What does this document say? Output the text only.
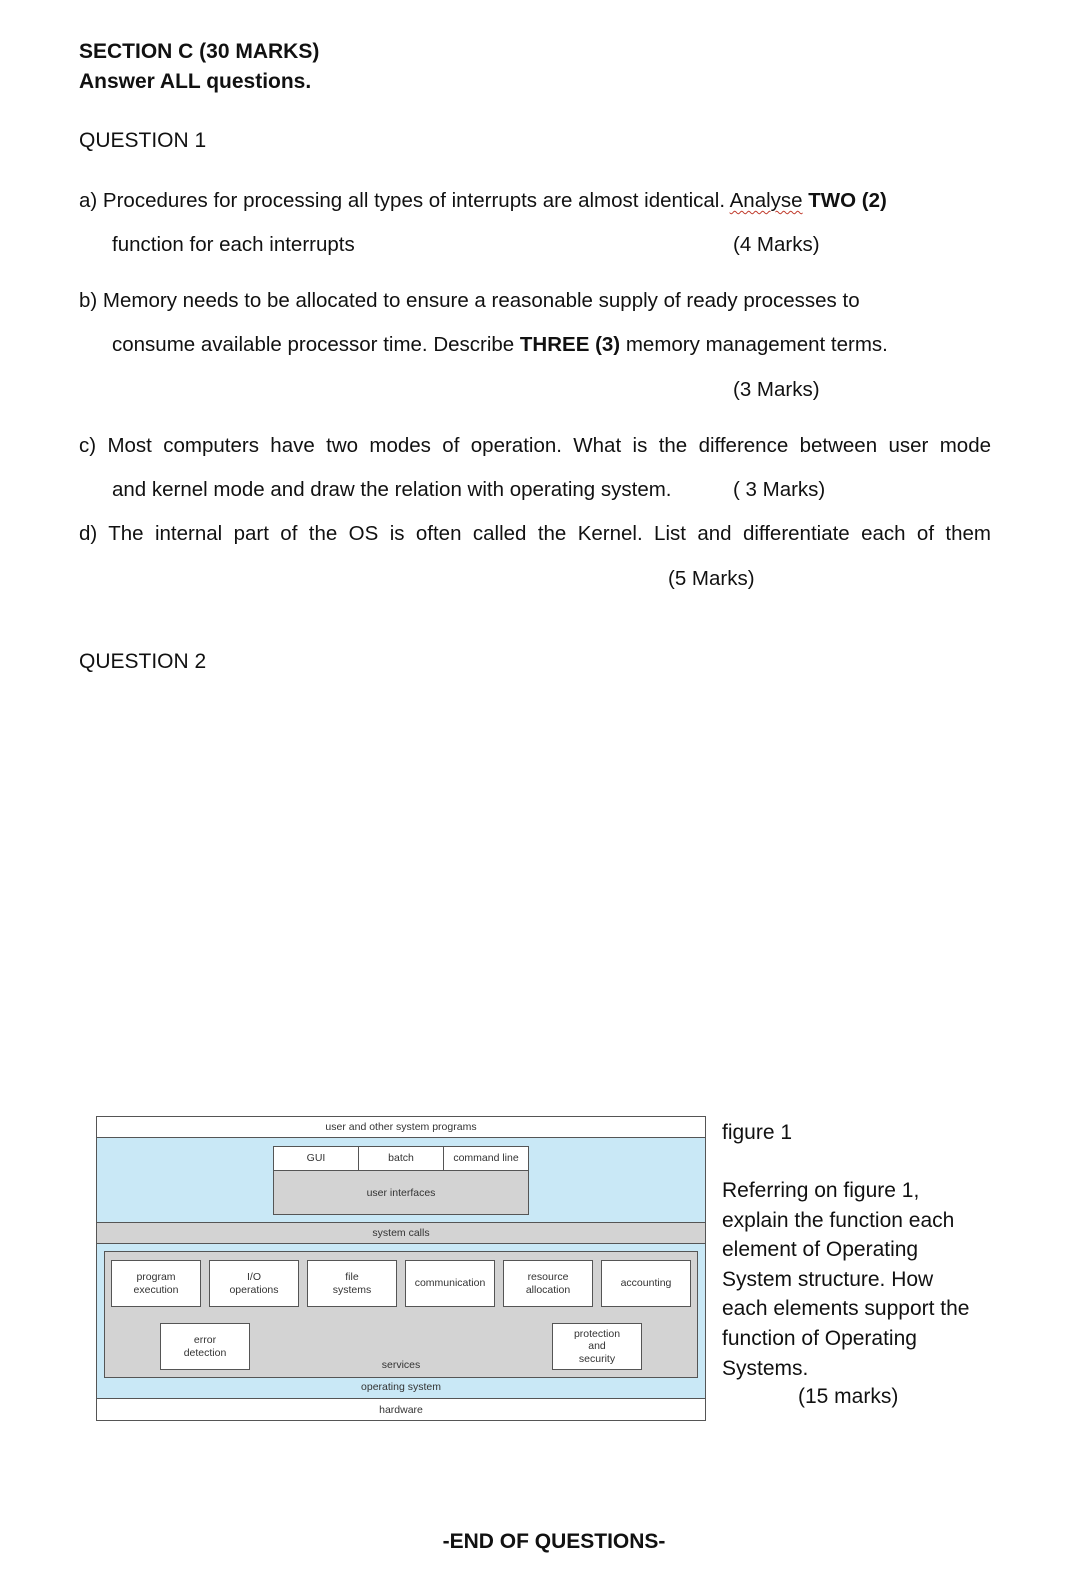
SECTION C (30 MARKS)
Answer ALL questions.
QUESTION 1
a) Procedures for processing all types of interrupts are almost identical. Analyse TWO (2)
function for each interrupts	(4 Marks)
b) Memory needs to be allocated to ensure a reasonable supply of ready processes to
consume available processor time. Describe THREE (3) memory management terms.
(3 Marks)
c) Most computers have two modes of operation. What is the difference between user mode
and kernel mode and draw the relation with operating system.	( 3 Marks)
d) The internal part of the OS is often called the Kernel. List and differentiate each of them
(5 Marks)
QUESTION 2
user and other system programs
GUI	batch	command line
user interfaces
system calls
services
operating system
hardware
program
execution
I/O
operations
file
systems
communication
resource
allocation
accounting
error
detection
protection
and
security
figure 1
Referring on figure 1, explain the function each element of Operating System structure. How each elements support the function of Operating Systems.
(15 marks)
-END OF QUESTIONS-
